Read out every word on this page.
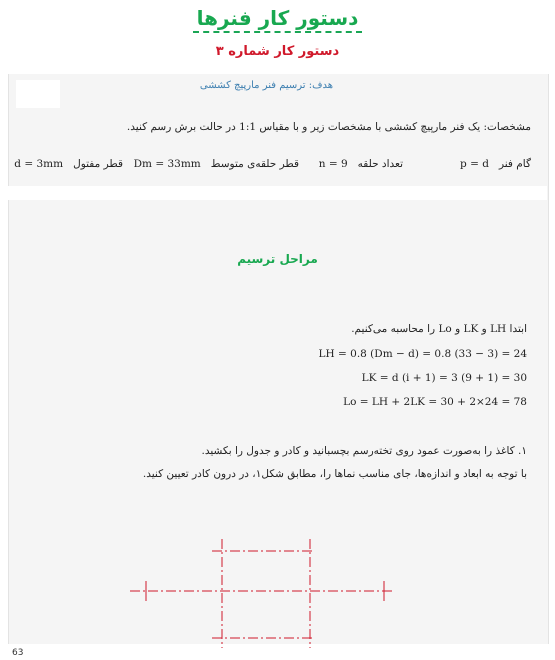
دستور کار فنرها
دستور کار شماره ۳
هدف: ترسیم فنر مارپیچ کششی
مشخصات: یک فنر مارپیچ کششی با مشخصات زیر و با مقیاس 1:1 در حالت برش رسم کنید.
گام فنر   p = d
تعداد حلقه   n = 9
قطر حلقه‌ی متوسط   Dm = 33mm
قطر مفتول   d = 3mm
مراحل ترسیم
ابتدا LH و LK و Lo را محاسبه می‌کنیم.
LH = 0.8 (Dm − d) = 0.8 (33 − 3) = 24
LK = d (i + 1) = 3 (9 + 1) = 30
Lo = LH + 2LK = 30 + 2×24 = 78
۱. کاغذ را به‌صورت عمود روی تخته‌رسم بچسبانید و کادر و جدول را بکشید.
با توجه به ابعاد و اندازه‌ها، جای مناسب نماها را، مطابق شکل۱، در درون کادر تعیین کنید.
63
